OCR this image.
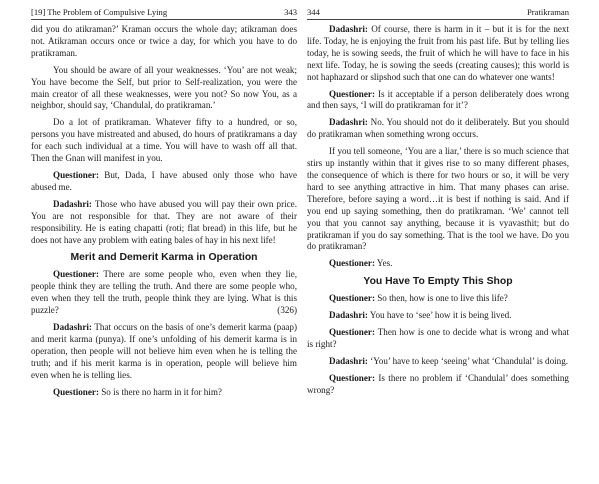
[19] The Problem of Compulsive Lying	343

did you do atikraman?’ Kraman occurs the whole day; atikraman does not. Atikraman occurs once or twice a day, for which you have to do pratikraman.

You should be aware of all your weaknesses. ‘You’ are not weak; You have become the Self, but prior to Self-realization, you were the main creator of all these weaknesses, were you not? So now You, as a neighbor, should say, ‘Chandulal, do pratikraman.’

Do a lot of pratikraman. Whatever fifty to a hundred, or so, persons you have mistreated and abused, do hours of pratikramans a day for each such individual at a time. You will have to wash off all that. Then the Gnan will manifest in you.

Questioner: But, Dada, I have abused only those who have abused me.

Dadashri: Those who have abused you will pay their own price. You are not responsible for that. They are not aware of their responsibility. He is eating chapatti (roti; flat bread) in this life, but he does not have any problem with eating bales of hay in his next life!

Merit and Demerit Karma in Operation

Questioner: There are some people who, even when they lie, people think they are telling the truth. And there are some people who, even when they tell the truth, people think they are lying. What is this puzzle?	(326)

Dadashri: That occurs on the basis of one’s demerit karma (paap) and merit karma (punya). If one’s unfolding of his demerit karma is in operation, then people will not believe him even when he is telling the truth; and if his merit karma is in operation, people will believe him even when he is telling lies.

Questioner: So is there no harm in it for him?

344	Pratikraman

Dadashri: Of course, there is harm in it – but it is for the next life. Today, he is enjoying the fruit from his past life. But by telling lies today, he is sowing seeds, the fruit of which he will have to face in his next life. Today, he is sowing the seeds (creating causes); this world is not haphazard or slipshod such that one can do whatever one wants!

Questioner: Is it acceptable if a person deliberately does wrong and then says, ‘I will do pratikraman for it’?

Dadashri: No. You should not do it deliberately. But you should do pratikraman when something wrong occurs.

If you tell someone, ‘You are a liar,’ there is so much science that stirs up instantly within that it gives rise to so many different phases, the consequence of which is there for two hours or so, it will be very hard to see anything attractive in him. That many phases can arise. Therefore, before saying a word…it is best if nothing is said. And if you end up saying something, then do pratikraman. ‘We’ cannot tell you that you cannot say anything, because it is vyavasthit; but do pratikraman if you do say something. That is the tool we have. Do you do pratikraman?

Questioner: Yes.

You Have To Empty This Shop

Questioner: So then, how is one to live this life?

Dadashri: You have to ‘see’ how it is being lived.

Questioner: Then how is one to decide what is wrong and what is right?

Dadashri: ‘You’ have to keep ‘seeing’ what ‘Chandulal’ is doing.

Questioner: Is there no problem if ‘Chandulal’ does something wrong?
